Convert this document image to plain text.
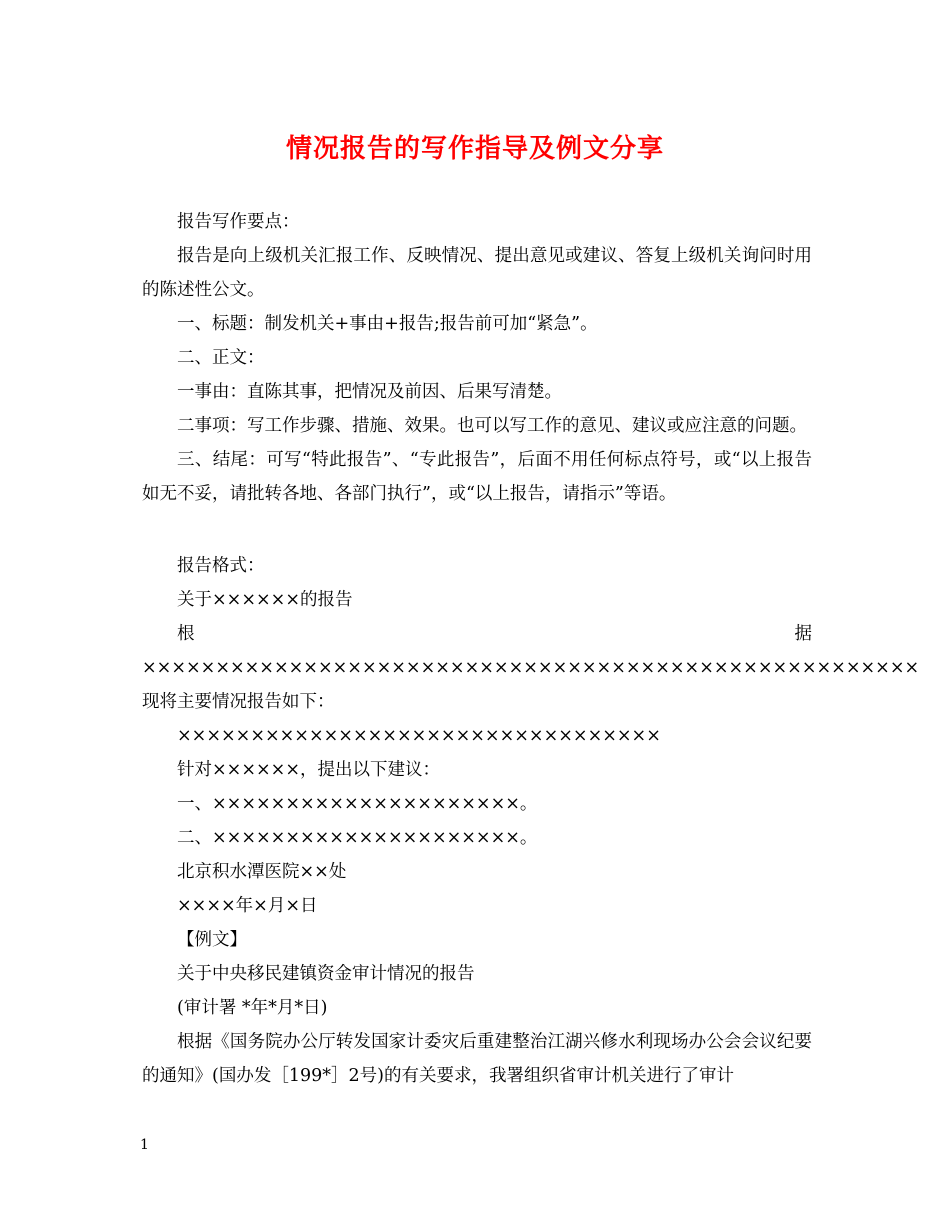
情况报告的写作指导及例文分享

报告写作要点：

报告是向上级机关汇报工作、反映情况、提出意见或建议、答复上级机关询问时用的陈述性公文。

一、标题：制发机关+事由+报告;报告前可加“紧急”。

二、正文：

一事由：直陈其事，把情况及前因、后果写清楚。

二事项：写工作步骤、措施、效果。也可以写工作的意见、建议或应注意的问题。

三、结尾：可写“特此报告”、“专此报告”，后面不用任何标点符号，或“以上报告如无不妥，请批转各地、各部门执行”，或“以上报告，请指示”等语。

报告格式：

关于××××××的报告

根据×××××××××××××××××××××××××××××××××××××××××××××××××××××现将主要情况报告如下：

×××××××××××××××××××××××××××××××××

针对××××××，提出以下建议：

一、×××××××××××××××××××××。

二、×××××××××××××××××××××。

北京积水潭医院××处

××××年×月×日

【例文】

关于中央移民建镇资金审计情况的报告

(审计署 *年*月*日)

根据《国务院办公厅转发国家计委灾后重建整治江湖兴修水利现场办公会会议纪要的通知》(国办发［199*］2号)的有关要求，我署组织省审计机关进行了审计

1
